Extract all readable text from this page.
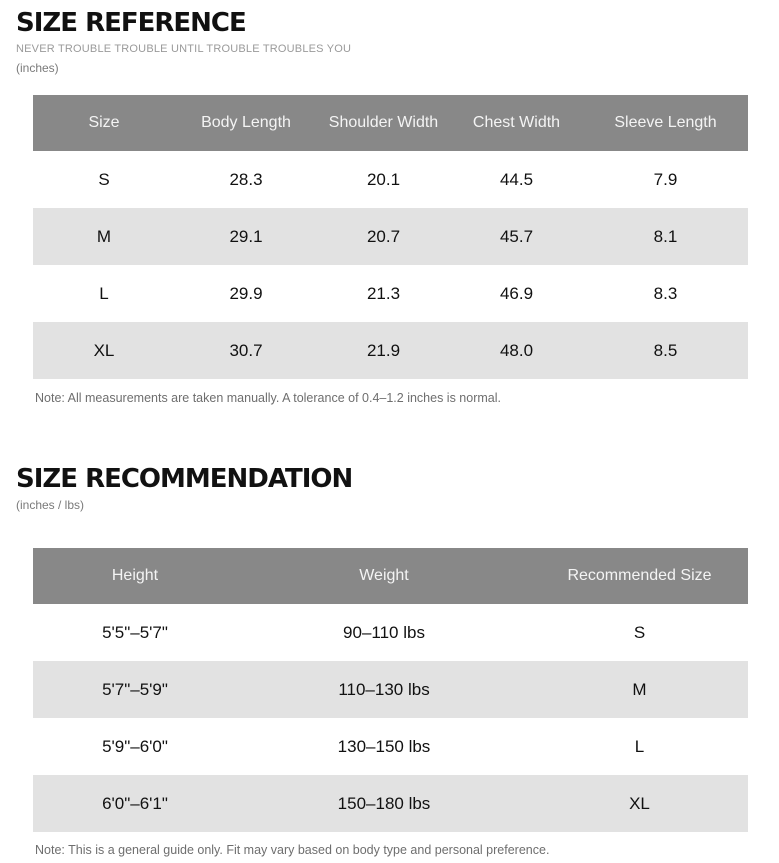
SIZE REFERENCE
NEVER TROUBLE TROUBLE UNTIL TROUBLE TROUBLES YOU
(inches)
Size	Body Length	Shoulder Width	Chest Width	Sleeve Length
S	28.3	20.1	44.5	7.9
M	29.1	20.7	45.7	8.1
L	29.9	21.3	46.9	8.3
XL	30.7	21.9	48.0	8.5
Note: All measurements are taken manually. A tolerance of 0.4–1.2 inches is normal.
SIZE RECOMMENDATION
(inches / lbs)
Height	Weight	Recommended Size
5'5"–5'7"	90–110 lbs	S
5'7"–5'9"	110–130 lbs	M
5'9"–6'0"	130–150 lbs	L
6'0"–6'1"	150–180 lbs	XL
Note: This is a general guide only. Fit may vary based on body type and personal preference.
